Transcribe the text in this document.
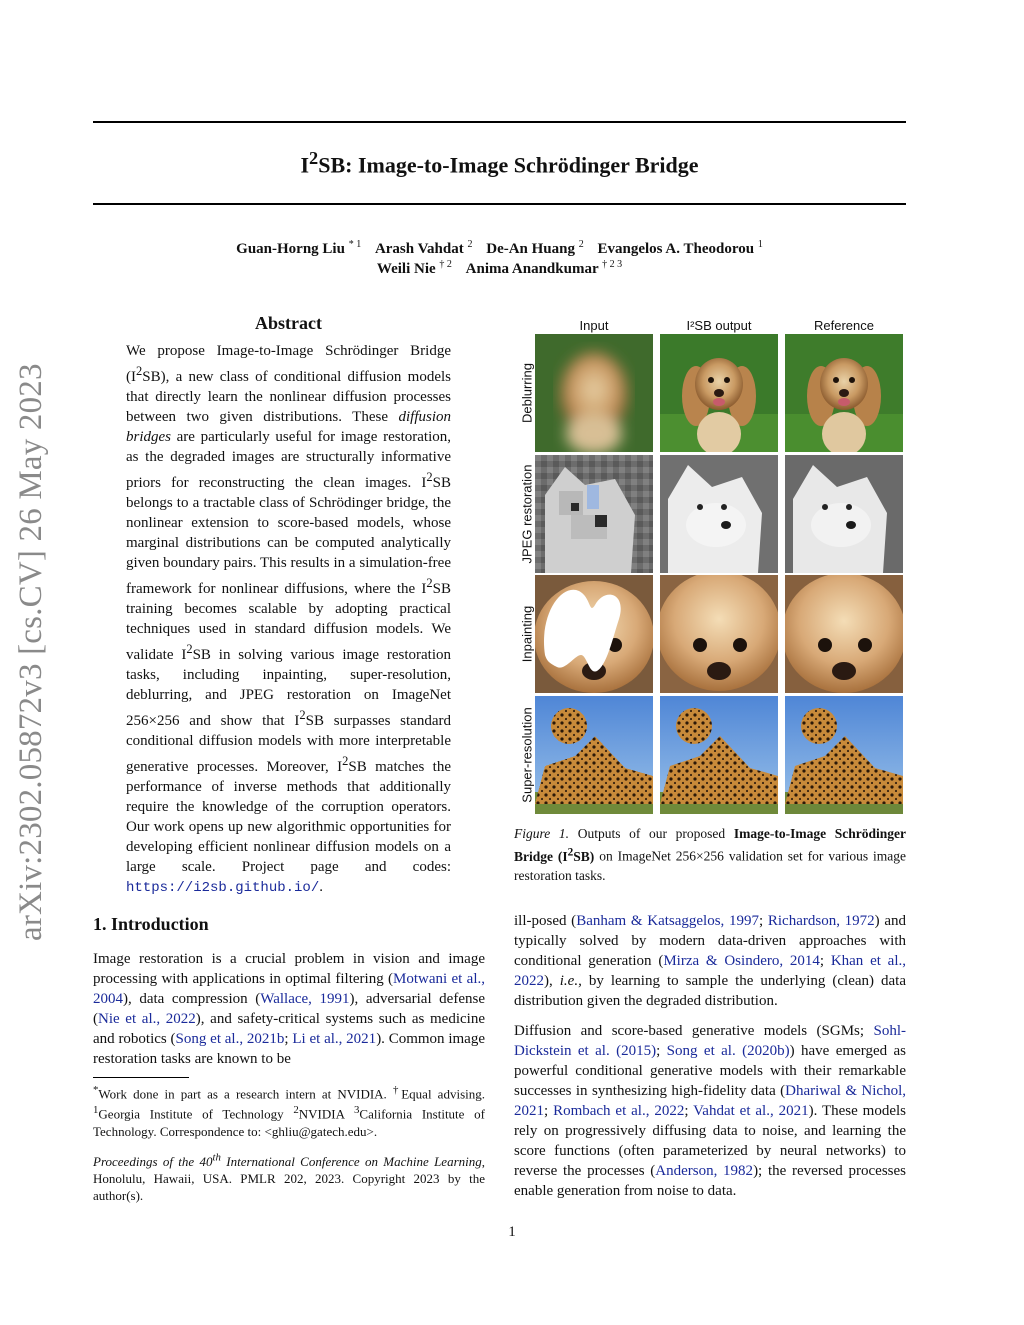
arXiv:2302.05872v3 [cs.CV] 26 May 2023
$I^2SB$: Image-to-Image Schrödinger Bridge
Guan-Horng Liu $^{* 1}$ Arash Vahdat $^2$ De-An Huang $^2$ Evangelos A. Theodorou $^1$
Weili Nie $^{\dagger 2}$ Anima Anandkumar $^{\dagger 2 3}$
Abstract

We propose Image-to-Image Schrödinger Bridge $(I^2SB)$, a new class of conditional diffusion models that directly learn the nonlinear diffusion processes between two given distributions. These diffusion bridges are particularly useful for image restoration, as the degraded images are structurally informative priors for reconstructing the clean images. $I^2SB$ belongs to a tractable class of Schrödinger bridge, the nonlinear extension to score-based models, whose marginal distributions can be computed analytically given boundary pairs. This results in a simulation-free framework for nonlinear diffusions, where the $I^2SB$ training becomes scalable by adopting practical techniques used in standard diffusion models. We validate $I^2SB$ in solving various image restoration tasks, including inpainting, super-resolution, deblurring, and JPEG restoration on ImageNet 256×256 and show that $I^2SB$ surpasses standard conditional diffusion models with more interpretable generative processes. Moreover, $I^2SB$ matches the performance of inverse methods that additionally require the knowledge of the corruption operators. Our work opens up new algorithmic opportunities for developing efficient nonlinear diffusion models on a large scale. Project page and codes: https://i2sb.github.io/.

Input	I²SB output	Reference
Deblurring
JPEG restoration
Inpainting
Super-resolution

Figure 1. Outputs of our proposed Image-to-Image Schrödinger Bridge $(I^2SB)$ on ImageNet 256×256 validation set for various image restoration tasks.

1. Introduction

Image restoration is a crucial problem in vision and image processing with applications in optimal filtering (Motwani et al., 2004), data compression (Wallace, 1991), adversarial defense (Nie et al., 2022), and safety-critical systems such as medicine and robotics (Song et al., 2021b; Li et al., 2021). Common image restoration tasks are known to be

*Work done in part as a research intern at NVIDIA. †Equal advising. $^1$Georgia Institute of Technology $^2$NVIDIA $^3$California Institute of Technology. Correspondence to: <ghliu@gatech.edu>.

Proceedings of the 40th International Conference on Machine Learning, Honolulu, Hawaii, USA. PMLR 202, 2023. Copyright 2023 by the author(s).

ill-posed (Banham & Katsaggelos, 1997; Richardson, 1972) and typically solved by modern data-driven approaches with conditional generation (Mirza & Osindero, 2014; Khan et al., 2022), i.e., by learning to sample the underlying (clean) data distribution given the degraded distribution.

Diffusion and score-based generative models (SGMs; Sohl-Dickstein et al. (2015); Song et al. (2020b)) have emerged as powerful conditional generative models with their remarkable successes in synthesizing high-fidelity data (Dhariwal & Nichol, 2021; Rombach et al., 2022; Vahdat et al., 2021). These models rely on progressively diffusing data to noise, and learning the score functions (often parameterized by neural networks) to reverse the processes (Anderson, 1982); the reversed processes enable generation from noise to data.

1
